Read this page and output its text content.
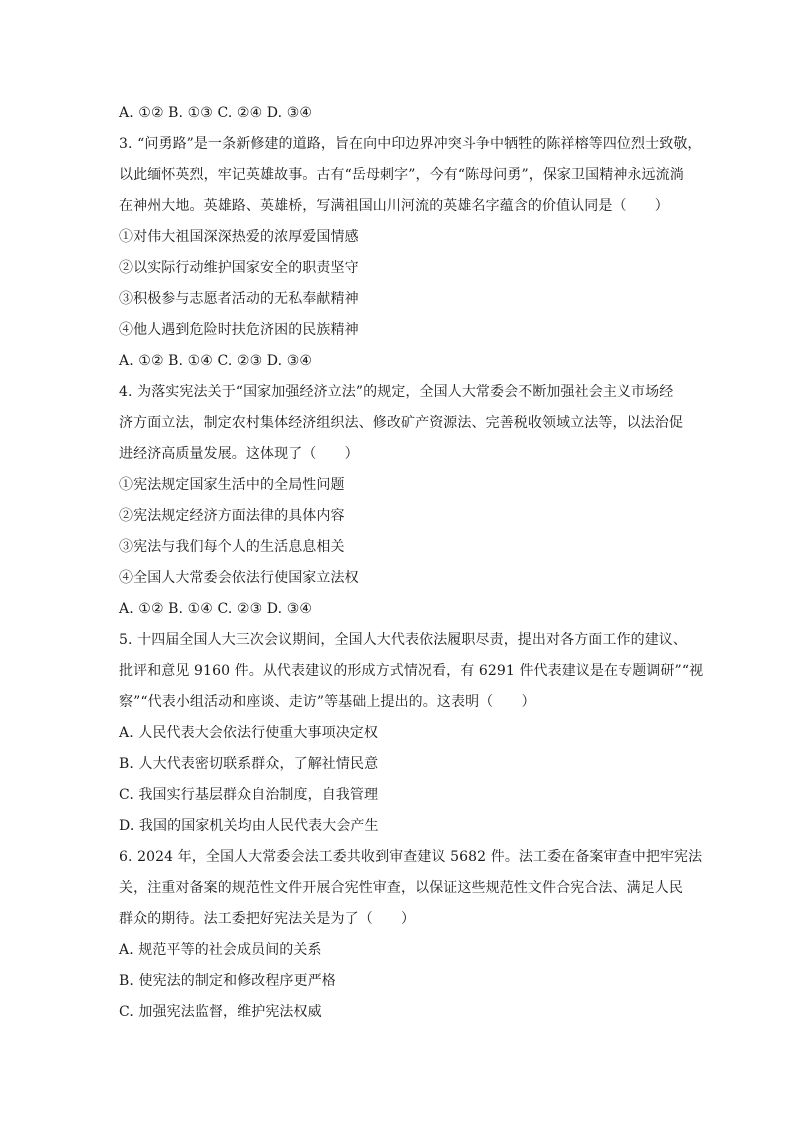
A. ①② B. ①③ C. ②④ D. ③④
3. “问勇路”是一条新修建的道路，旨在向中印边界冲突斗争中牺牲的陈祥榕等四位烈士致敬，
以此缅怀英烈，牢记英雄故事。古有“岳母刺字”，今有“陈母问勇”，保家卫国精神永远流淌
在神州大地。英雄路、英雄桥，写满祖国山川河流的英雄名字蕴含的价值认同是（　　）
①对伟大祖国深深热爱的浓厚爱国情感
②以实际行动维护国家安全的职责坚守
③积极参与志愿者活动的无私奉献精神
④他人遇到危险时扶危济困的民族精神
A. ①② B. ①④ C. ②③ D. ③④
4. 为落实宪法关于“国家加强经济立法”的规定，全国人大常委会不断加强社会主义市场经
济方面立法，制定农村集体经济组织法、修改矿产资源法、完善税收领域立法等，以法治促
进经济高质量发展。这体现了（　　）
①宪法规定国家生活中的全局性问题
②宪法规定经济方面法律的具体内容
③宪法与我们每个人的生活息息相关
④全国人大常委会依法行使国家立法权
A. ①② B. ①④ C. ②③ D. ③④
5. 十四届全国人大三次会议期间，全国人大代表依法履职尽责，提出对各方面工作的建议、
批评和意见 9160 件。从代表建议的形成方式情况看，有 6291 件代表建议是在专题调研”“视
察”“代表小组活动和座谈、走访”等基础上提出的。这表明（　　）
A. 人民代表大会依法行使重大事项决定权
B. 人大代表密切联系群众，了解社情民意
C. 我国实行基层群众自治制度，自我管理
D. 我国的国家机关均由人民代表大会产生
6. 2024 年，全国人大常委会法工委共收到审查建议 5682 件。法工委在备案审查中把牢宪法
关，注重对备案的规范性文件开展合宪性审查，以保证这些规范性文件合宪合法、满足人民
群众的期待。法工委把好宪法关是为了（　　）
A. 规范平等的社会成员间的关系
B. 使宪法的制定和修改程序更严格
C. 加强宪法监督，维护宪法权威
